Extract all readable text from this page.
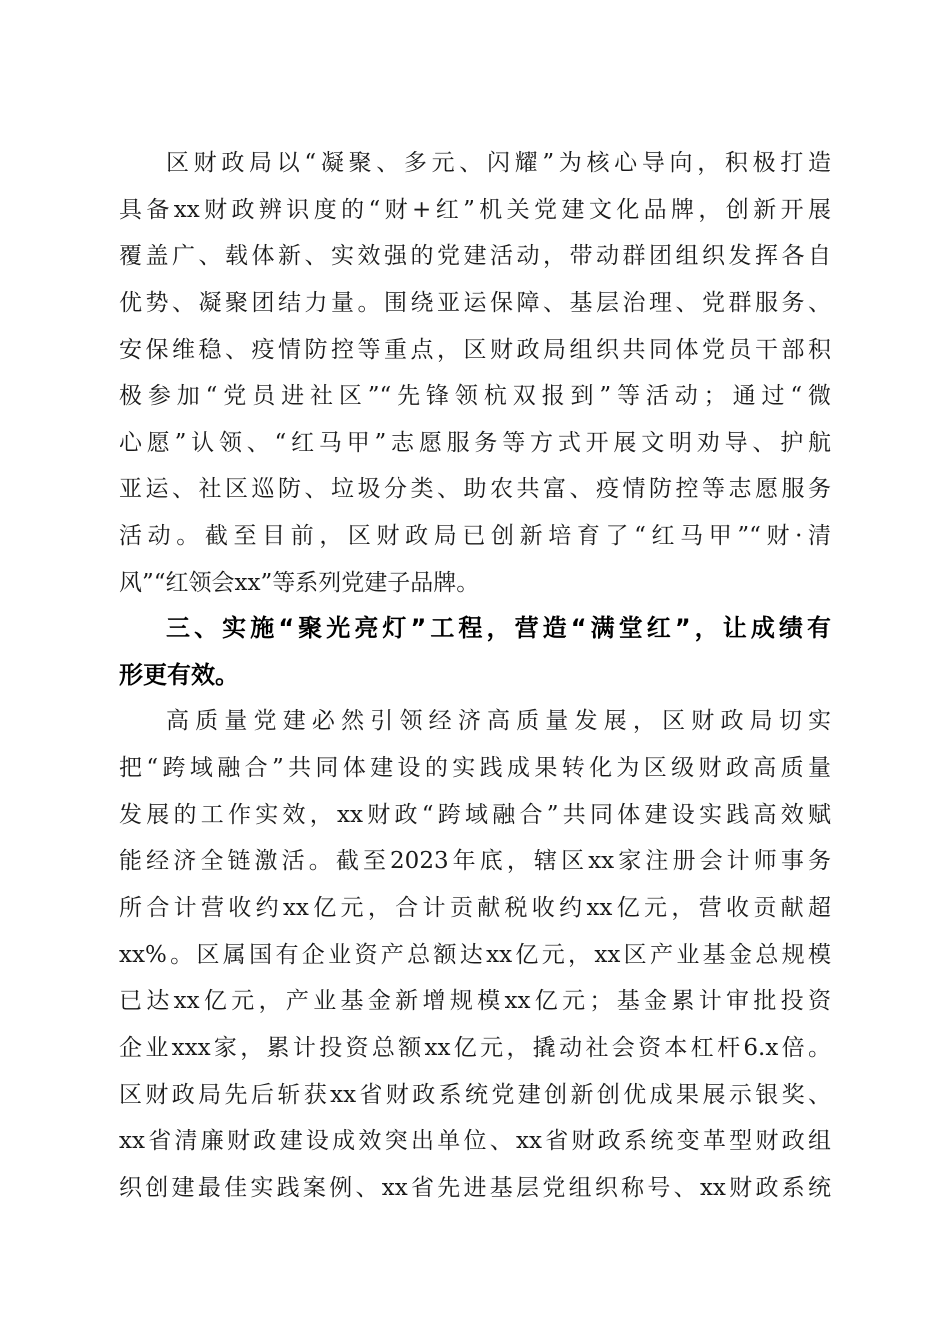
区财政局以“凝聚、多元、闪耀”为核心导向，积极打造
具备xx财政辨识度的“财+红”机关党建文化品牌，创新开展
覆盖广、载体新、实效强的党建活动，带动群团组织发挥各自
优势、凝聚团结力量。围绕亚运保障、基层治理、党群服务、
安保维稳、疫情防控等重点，区财政局组织共同体党员干部积
极参加“党员进社区”“先锋领杭双报到”等活动；通过“微
心愿”认领、“红马甲”志愿服务等方式开展文明劝导、护航
亚运、社区巡防、垃圾分类、助农共富、疫情防控等志愿服务
活动。截至目前，区财政局已创新培育了“红马甲”“财·清
风”“红领会xx”等系列党建子品牌。
三、实施“聚光亮灯”工程，营造“满堂红”，让成绩有
形更有效。
高质量党建必然引领经济高质量发展，区财政局切实
把“跨域融合”共同体建设的实践成果转化为区级财政高质量
发展的工作实效，xx财政“跨域融合”共同体建设实践高效赋
能经济全链激活。截至2023年底，辖区xx家注册会计师事务
所合计营收约xx亿元，合计贡献税收约xx亿元，营收贡献超
xx%。区属国有企业资产总额达xx亿元，xx区产业基金总规模
已达xx亿元，产业基金新增规模xx亿元；基金累计审批投资
企业xxx家，累计投资总额xx亿元，撬动社会资本杠杆6.x倍。
区财政局先后斩获xx省财政系统党建创新创优成果展示银奖、
xx省清廉财政建设成效突出单位、xx省财政系统变革型财政组
织创建最佳实践案例、xx省先进基层党组织称号、xx财政系统
